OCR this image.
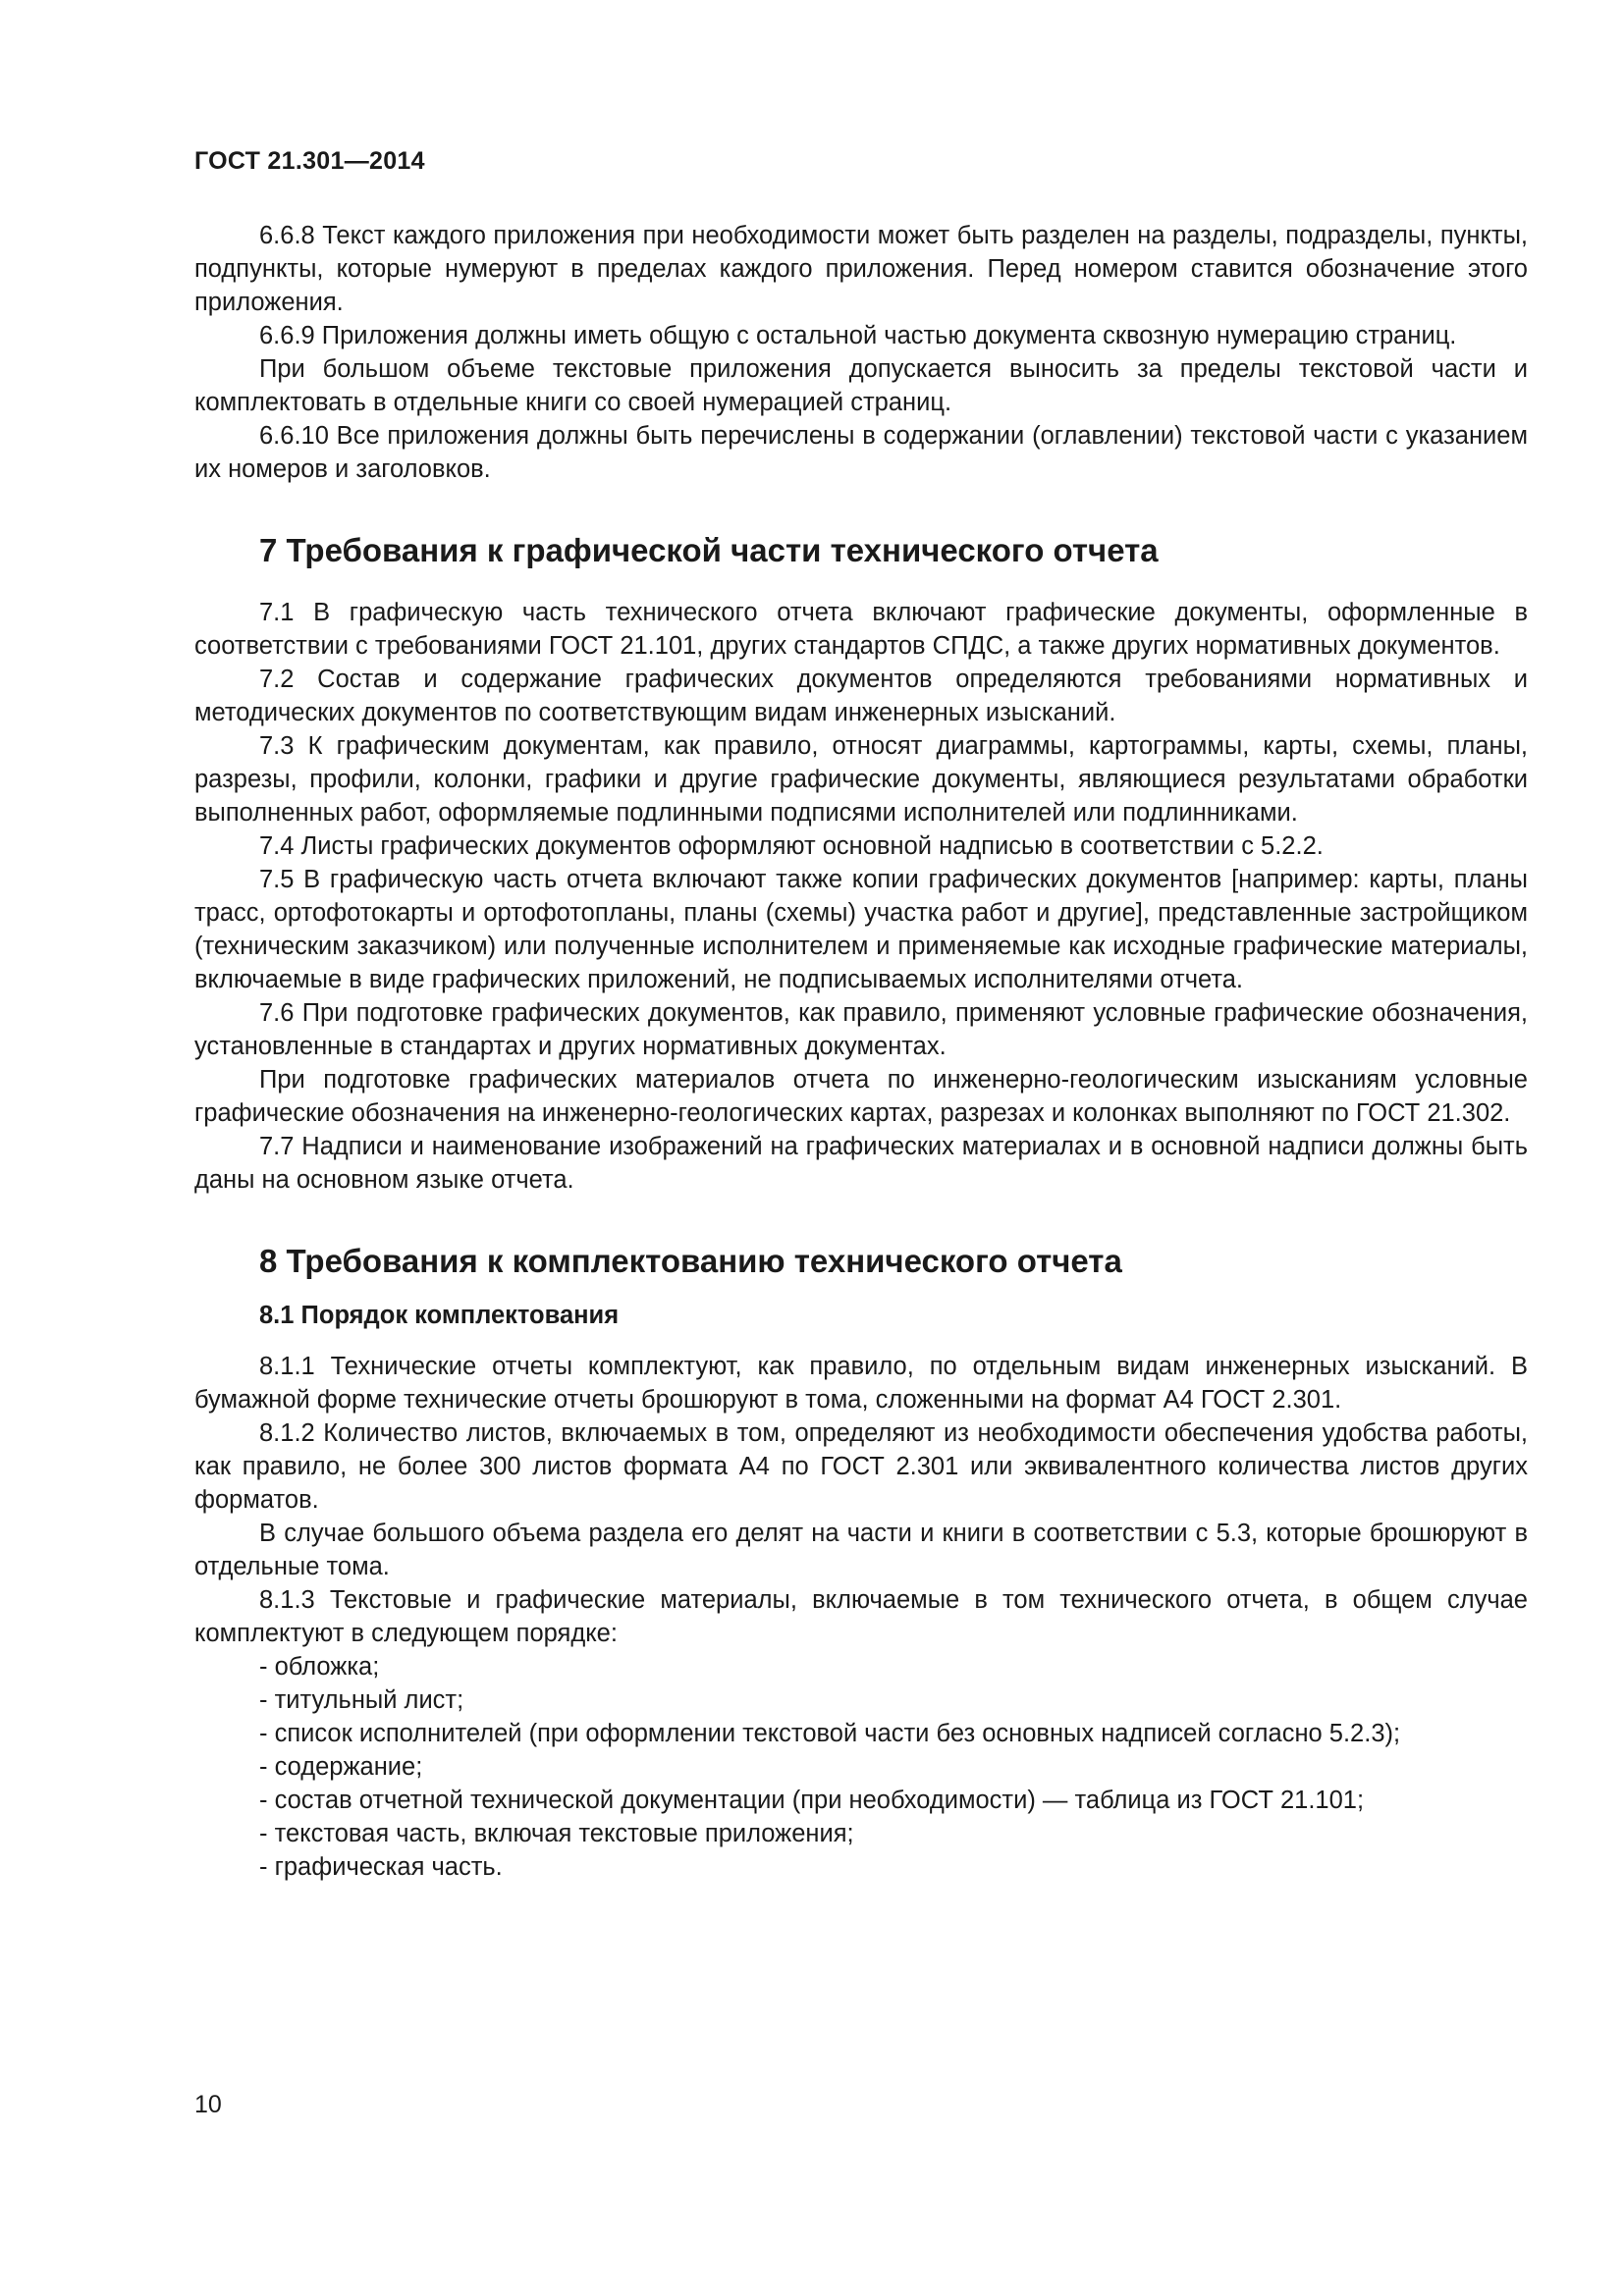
ГОСТ 21.301—2014

6.6.8 Текст каждого приложения при необходимости может быть разделен на разделы, подразделы, пункты, подпункты, которые нумеруют в пределах каждого приложения. Перед номером ставится обозначение этого приложения.

6.6.9 Приложения должны иметь общую с остальной частью документа сквозную нумерацию страниц.

При большом объеме текстовые приложения допускается выносить за пределы текстовой части и комплектовать в отдельные книги со своей нумерацией страниц.

6.6.10 Все приложения должны быть перечислены в содержании (оглавлении) текстовой части с указанием их номеров и заголовков.

7 Требования к графической части технического отчета

7.1 В графическую часть технического отчета включают графические документы, оформленные в соответствии с требованиями ГОСТ 21.101, других стандартов СПДС, а также других нормативных документов.

7.2 Состав и содержание графических документов определяются требованиями нормативных и методических документов по соответствующим видам инженерных изысканий.

7.3 К графическим документам, как правило, относят диаграммы, картограммы, карты, схемы, планы, разрезы, профили, колонки, графики и другие графические документы, являющиеся результатами обработки выполненных работ, оформляемые подлинными подписями исполнителей или подлинниками.

7.4 Листы графических документов оформляют основной надписью в соответствии с 5.2.2.

7.5 В графическую часть отчета включают также копии графических документов [например: карты, планы трасс, ортофотокарты и ортофотопланы, планы (схемы) участка работ и другие], представленные застройщиком (техническим заказчиком) или полученные исполнителем и применяемые как исходные графические материалы, включаемые в виде графических приложений, не подписываемых исполнителями отчета.

7.6 При подготовке графических документов, как правило, применяют условные графические обозначения, установленные в стандартах и других нормативных документах.

При подготовке графических материалов отчета по инженерно-геологическим изысканиям условные графические обозначения на инженерно-геологических картах, разрезах и колонках выполняют по ГОСТ 21.302.

7.7 Надписи и наименование изображений на графических материалах и в основной надписи должны быть даны на основном языке отчета.

8 Требования к комплектованию технического отчета
8.1 Порядок комплектования

8.1.1 Технические отчеты комплектуют, как правило, по отдельным видам инженерных изысканий. В бумажной форме технические отчеты брошюруют в тома, сложенными на формат А4 ГОСТ 2.301.

8.1.2 Количество листов, включаемых в том, определяют из необходимости обеспечения удобства работы, как правило, не более 300 листов формата А4 по ГОСТ 2.301 или эквивалентного количества листов других форматов.

В случае большого объема раздела его делят на части и книги в соответствии с 5.3, которые брошюруют в отдельные тома.

8.1.3 Текстовые и графические материалы, включаемые в том технического отчета, в общем случае комплектуют в следующем порядке:

- обложка;

- титульный лист;

- список исполнителей (при оформлении текстовой части без основных надписей согласно 5.2.3);

- содержание;

- состав отчетной технической документации (при необходимости) — таблица из ГОСТ 21.101;

- текстовая часть, включая текстовые приложения;

- графическая часть.

10
